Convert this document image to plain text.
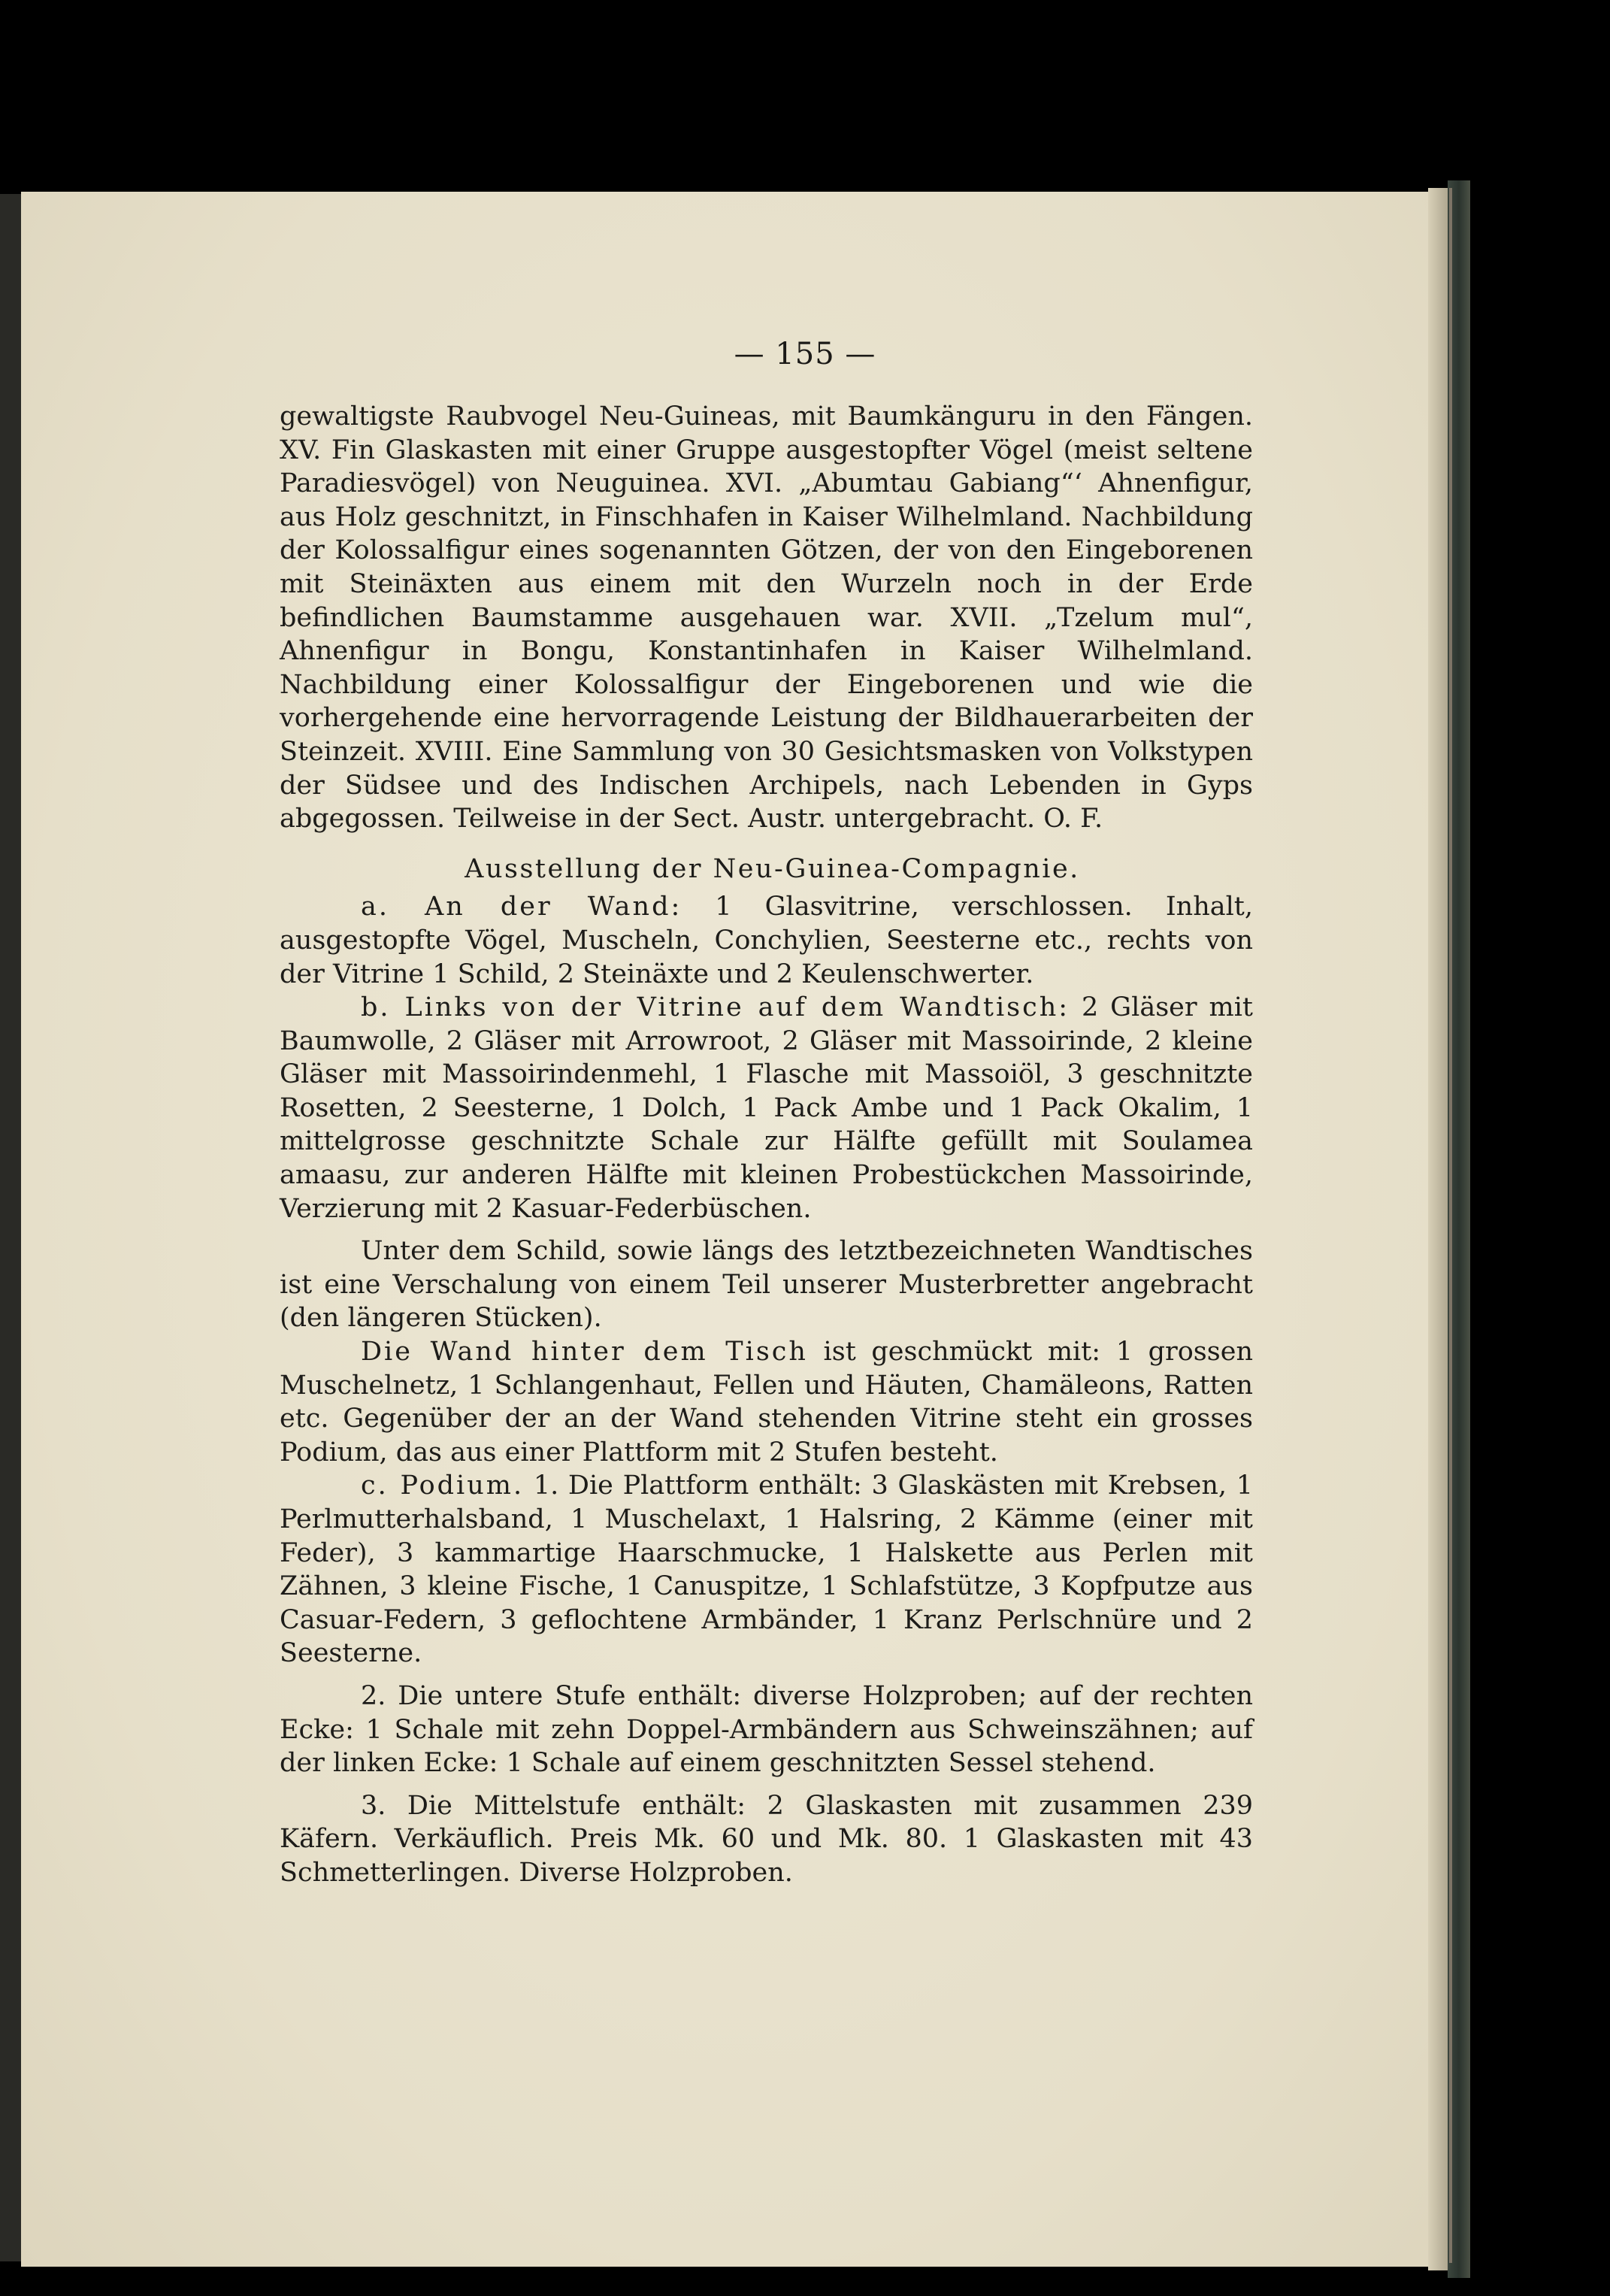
— 155 —

gewaltigste Raubvogel Neu-Guineas, mit Baumkänguru in den Fängen. XV. Fin Glaskasten mit einer Gruppe ausgestopfter Vögel (meist seltene Paradiesvögel) von Neuguinea. XVI. „Abumtau Gabiang“‘ Ahnenfigur, aus Holz geschnitzt, in Finschhafen in Kaiser Wilhelmland. Nachbildung der Kolossalfigur eines sogenannten Götzen, der von den Eingeborenen mit Steinäxten aus einem mit den Wurzeln noch in der Erde befindlichen Baumstamme ausgehauen war. XVII. „Tzelum mul“, Ahnenfigur in Bongu, Konstantinhafen in Kaiser Wilhelmland. Nachbildung einer Kolossalfigur der Eingeborenen und wie die vorhergehende eine hervorragende Leistung der Bildhauerarbeiten der Steinzeit. XVIII. Eine Sammlung von 30 Gesichtsmasken von Volkstypen der Südsee und des Indischen Archipels, nach Lebenden in Gyps abgegossen. Teilweise in der Sect. Austr. untergebracht. O. F.

Ausstellung der Neu-Guinea-Compagnie.

a. An der Wand: 1 Glasvitrine, verschlossen. Inhalt, ausgestopfte Vögel, Muscheln, Conchylien, Seesterne etc., rechts von der Vitrine 1 Schild, 2 Steinäxte und 2 Keulenschwerter.

b. Links von der Vitrine auf dem Wandtisch: 2 Gläser mit Baumwolle, 2 Gläser mit Arrowroot, 2 Gläser mit Massoirinde, 2 kleine Gläser mit Massoirindenmehl, 1 Flasche mit Massoiöl, 3 geschnitzte Rosetten, 2 Seesterne, 1 Dolch, 1 Pack Ambe und 1 Pack Okalim, 1 mittelgrosse geschnitzte Schale zur Hälfte gefüllt mit Soulamea amaasu, zur anderen Hälfte mit kleinen Probestückchen Massoirinde, Verzierung mit 2 Kasuar-Federbüschen.

Unter dem Schild, sowie längs des letztbezeichneten Wandtisches ist eine Verschalung von einem Teil unserer Musterbretter angebracht (den längeren Stücken).

Die Wand hinter dem Tisch ist geschmückt mit: 1 grossen Muschelnetz, 1 Schlangenhaut, Fellen und Häuten, Chamäleons, Ratten etc. Gegenüber der an der Wand stehenden Vitrine steht ein grosses Podium, das aus einer Plattform mit 2 Stufen besteht.

c. Podium. 1. Die Plattform enthält: 3 Glaskästen mit Krebsen, 1 Perlmutterhalsband, 1 Muschelaxt, 1 Halsring, 2 Kämme (einer mit Feder), 3 kammartige Haarschmucke, 1 Halskette aus Perlen mit Zähnen, 3 kleine Fische, 1 Canuspitze, 1 Schlafstütze, 3 Kopfputze aus Casuar-Federn, 3 geflochtene Armbänder, 1 Kranz Perlschnüre und 2 Seesterne.

2. Die untere Stufe enthält: diverse Holzproben; auf der rechten Ecke: 1 Schale mit zehn Doppel-Armbändern aus Schweinszähnen; auf der linken Ecke: 1 Schale auf einem geschnitzten Sessel stehend.

3. Die Mittelstufe enthält: 2 Glaskasten mit zusammen 239 Käfern. Verkäuflich. Preis Mk. 60 und Mk. 80. 1 Glaskasten mit 43 Schmetterlingen. Diverse Holzproben.
